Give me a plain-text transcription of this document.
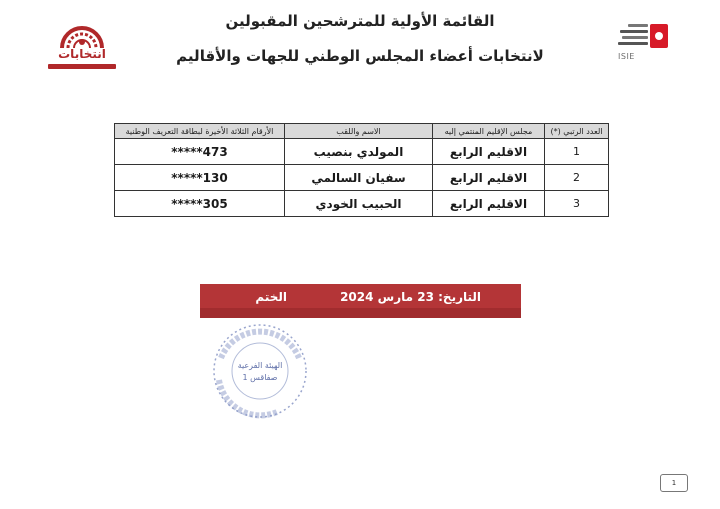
انتخابات	ISIE
القائمة الأولية للمترشحين المقبولين
لانتخابات أعضاء المجلس الوطني للجهات والأقاليم
العدد الرتبي (*)	مجلس الإقليم المنتمي إليه	الاسم واللقب	الأرقام الثلاثة الأخيرة لبطاقة التعريف الوطنية
1	الاقليم الرابع	المولدي بنصيب	*****473
2	الاقليم الرابع	سفيان السالمي	*****130
3	الاقليم الرابع	الحبيب الخودي	*****305
التاريخ: 23 مارس 2024
الختم
الهيئة الفرعية
صفاقس 1
1
